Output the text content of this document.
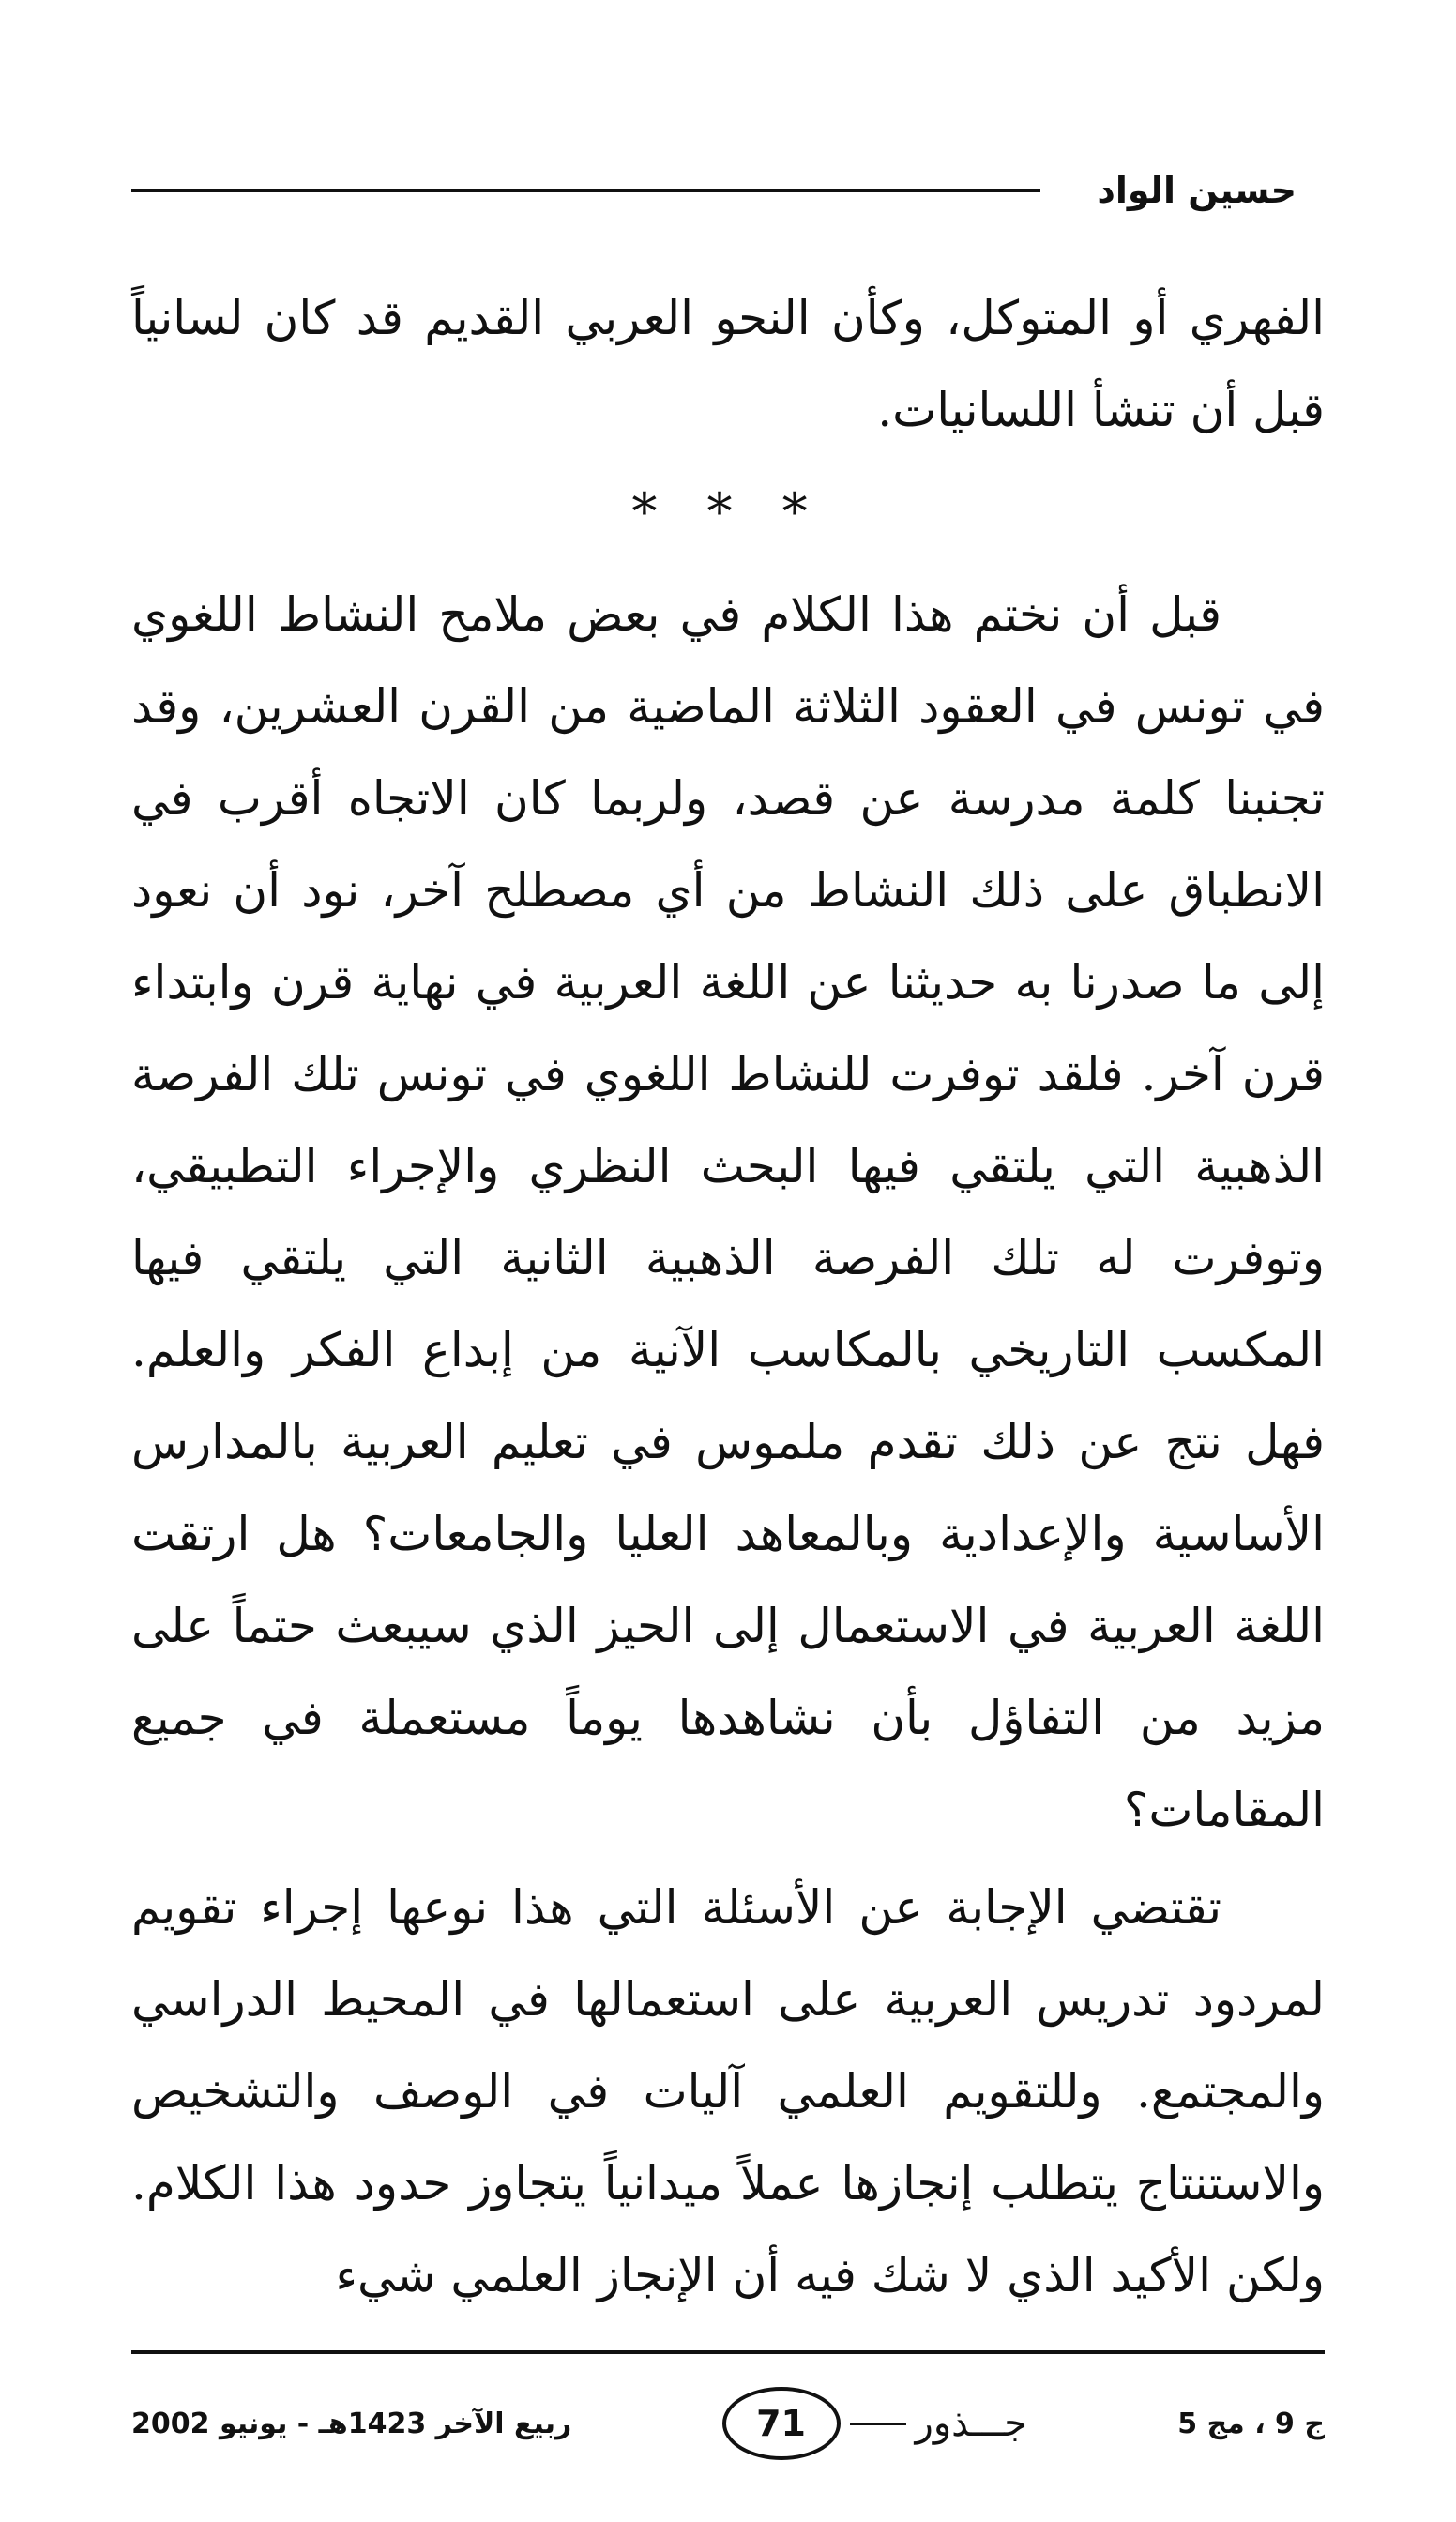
حسين الواد

الفهري أو المتوكل، وكأن النحو العربي القديم قد كان لسانياً قبل أن تنشأ اللسانيات.

* * *

قبل أن نختم هذا الكلام في بعض ملامح النشاط اللغوي في تونس في العقود الثلاثة الماضية من القرن العشرين، وقد تجنبنا كلمة مدرسة عن قصد، ولربما كان الاتجاه أقرب في الانطباق على ذلك النشاط من أي مصطلح آخر، نود أن نعود إلى ما صدرنا به حديثنا عن اللغة العربية في نهاية قرن وابتداء قرن آخر. فلقد توفرت للنشاط اللغوي في تونس تلك الفرصة الذهبية التي يلتقي فيها البحث النظري والإجراء التطبيقي، وتوفرت له تلك الفرصة الذهبية الثانية التي يلتقي فيها المكسب التاريخي بالمكاسب الآنية من إبداع الفكر والعلم. فهل نتج عن ذلك تقدم ملموس في تعليم العربية بالمدارس الأساسية والإعدادية وبالمعاهد العليا والجامعات؟ هل ارتقت اللغة العربية في الاستعمال إلى الحيز الذي سيبعث حتماً على مزيد من التفاؤل بأن نشاهدها يوماً مستعملة في جميع المقامات؟

تقتضي الإجابة عن الأسئلة التي هذا نوعها إجراء تقويم لمردود تدريس العربية على استعمالها في المحيط الدراسي والمجتمع. وللتقويم العلمي آليات في الوصف والتشخيص والاستنتاج يتطلب إنجازها عملاً ميدانياً يتجاوز حدود هذا الكلام. ولكن الأكيد الذي لا شك فيه أن الإنجاز العلمي شيء

ج 9 ، مج 5
جـــذور
71
ربيع الآخر 1423هـ - يونيو 2002
